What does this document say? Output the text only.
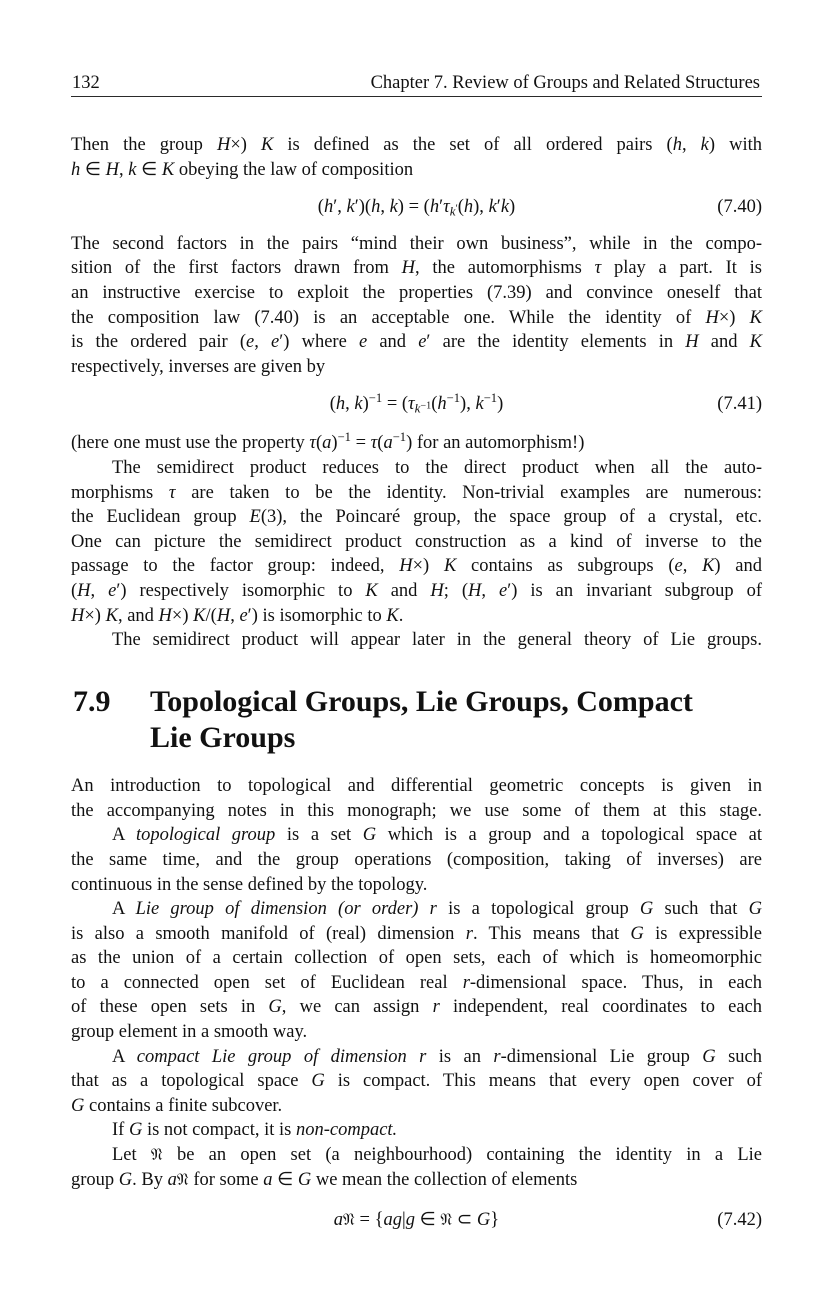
132	Chapter 7. Review of Groups and Related Structures
Then the group H×) K is defined as the set of all ordered pairs (h, k) with
h ∈ H, k ∈ K obeying the law of composition
(h′, k′)(h, k) = (h′τk′(h), k′k)	(7.40)
The second factors in the pairs “mind their own business”, while in the compo-
sition of the first factors drawn from H, the automorphisms τ play a part. It is
an instructive exercise to exploit the properties (7.39) and convince oneself that
the composition law (7.40) is an acceptable one. While the identity of H×) K
is the ordered pair (e, e′) where e and e′ are the identity elements in H and K
respectively, inverses are given by
(h, $k)^{-1} = (\tau k-1(h^{-1})$, $k^{-1}$)	(7.41)
(here one must use the property $\tau(a)^{-1} = \tau(a^{-1})$ for an automorphism!)
The semidirect product reduces to the direct product when all the auto-
morphisms τ are taken to be the identity. Non-trivial examples are numerous:
the Euclidean group E(3), the Poincaré group, the space group of a crystal, etc.
One can picture the semidirect product construction as a kind of inverse to the
passage to the factor group: indeed, H×) K contains as subgroups (e, K) and
(H, e′) respectively isomorphic to K and H; (H, e′) is an invariant subgroup of
H×) K, and H×) K/(H, e′) is isomorphic to K.
The semidirect product will appear later in the general theory of Lie groups.
7.9	Topological Groups, Lie Groups, Compact
Lie Groups
An introduction to topological and differential geometric concepts is given in
the accompanying notes in this monograph; we use some of them at this stage.
A topological group is a set G which is a group and a topological space at
the same time, and the group operations (composition, taking of inverses) are
continuous in the sense defined by the topology.
A Lie group of dimension (or order) r is a topological group G such that G
is also a smooth manifold of (real) dimension r. This means that G is expressible
as the union of a certain collection of open sets, each of which is homeomorphic
to a connected open set of Euclidean real r-dimensional space. Thus, in each
of these open sets in G, we can assign r independent, real coordinates to each
group element in a smooth way.
A compact Lie group of dimension r is an r-dimensional Lie group G such
that as a topological space G is compact. This means that every open cover of
G contains a finite subcover.
If G is not compact, it is non-compact.
Let 𝔑 be an open set (a neighbourhood) containing the identity in a Lie
group G. By a𝔑 for some a ∈ G we mean the collection of elements
a𝔑 = {ag|g ∈ 𝔑 ⊂ G}	(7.42)
